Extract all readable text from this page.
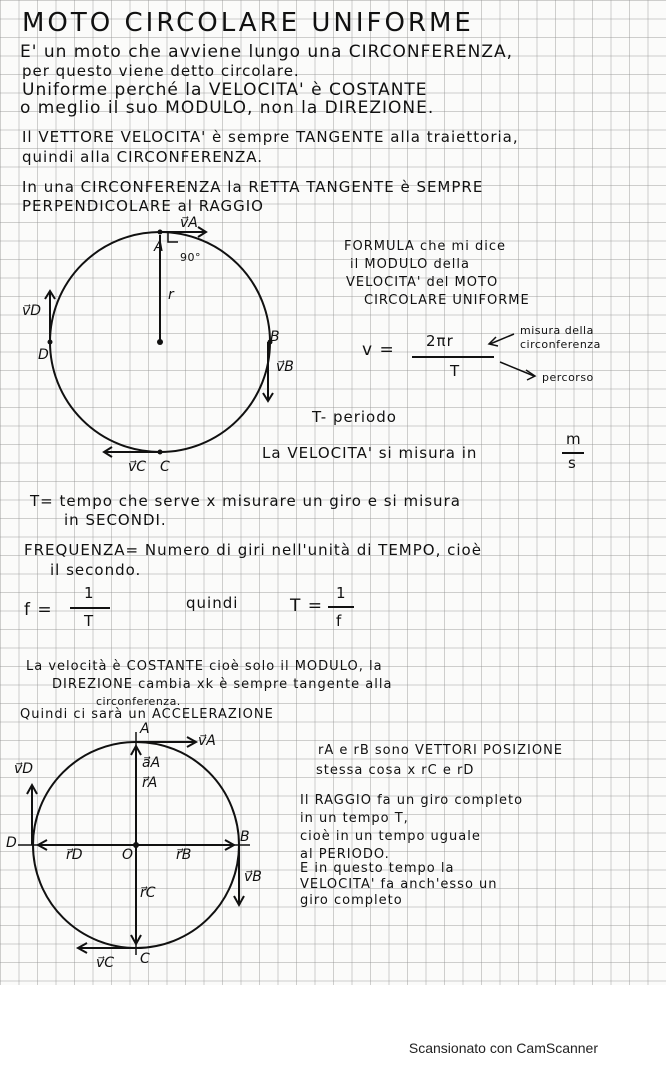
MOTO CIRCOLARE UNIFORME
E' un moto che avviene lungo una CIRCONFERENZA,
per questo viene detto circolare.
Uniforme perché la VELOCITA' è COSTANTE
o meglio il suo MODULO, non la DIREZIONE.
Il VETTORE VELOCITA' è sempre TANGENTE alla traiettoria,
quindi alla CIRCONFERENZA.
In una CIRCONFERENZA la RETTA TANGENTE è SEMPRE
PERPENDICOLARE al RAGGIO
A
v⃗A
90°
r
B
v⃗B
C
v⃗C
D
v⃗D
FORMULA che mi dice
il MODULO della
VELOCITA' del MOTO
CIRCOLARE UNIFORME
v = 2πr
T
misura della circonferenza
percorso
T- periodo
La VELOCITA' si misura in
m
s
T= tempo che serve x misurare un giro e si misura
in SECONDI.
FREQUENZA= Numero di giri nell'unità di TEMPO, cioè
il secondo.
f =
1
T
quindi	T =
1
f
La velocità è COSTANTE cioè solo il MODULO, la
DIREZIONE cambia xk è sempre tangente alla
circonferenza.
Quindi ci sarà un ACCELERAZIONE
A
v⃗A
a⃗A
r⃗A
B
r⃗B
v⃗B
O
D
r⃗D
v⃗D
r⃗C
C
v⃗C
rA e rB sono VETTORI POSIZIONE
stessa cosa x rC e rD
Il RAGGIO fa un giro completo
in un tempo T,
cioè in un tempo uguale
al PERIODO.
E in questo tempo la
VELOCITA' fa anch'esso un
giro completo
Scansionato con CamScanner
